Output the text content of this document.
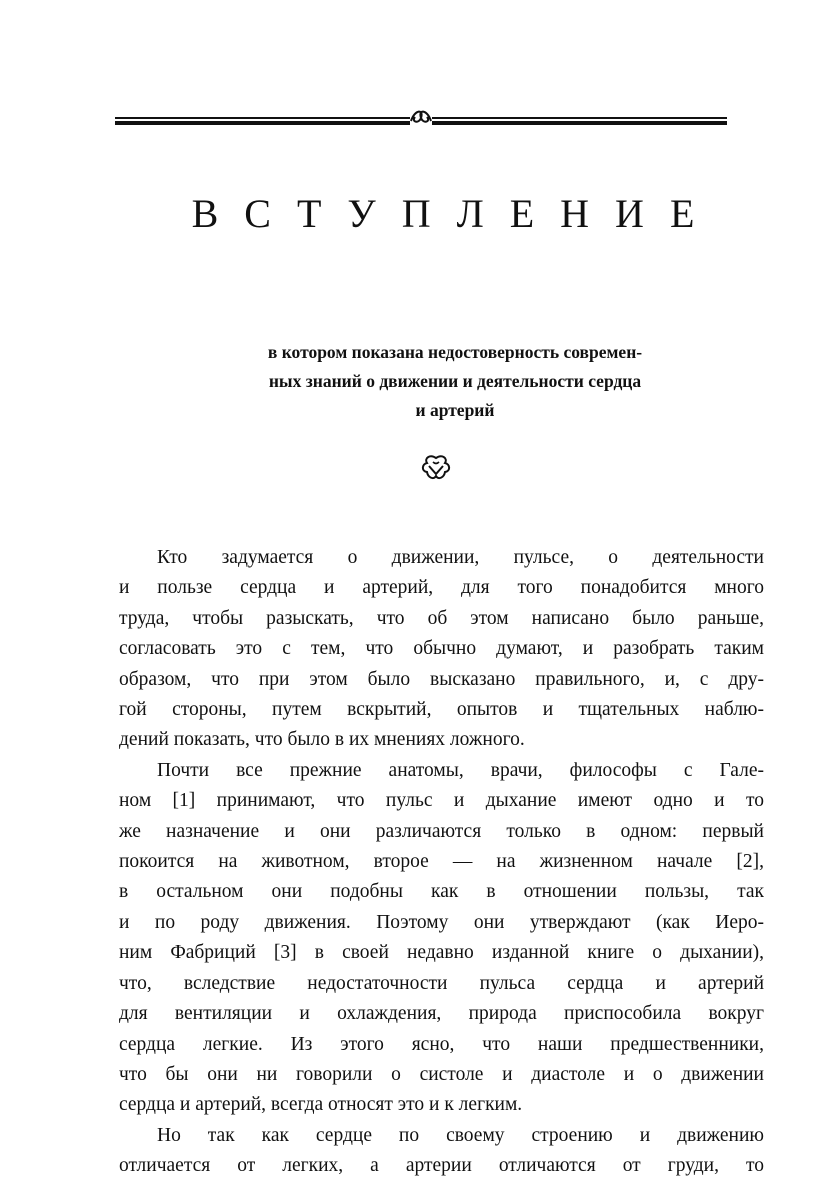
ВСТУПЛЕНИЕ
в котором показана недостоверность современ-
ных знаний о движении и деятельности сердца
и артерий

Кто задумается о движении, пульсе, о деятельности
и пользе сердца и артерий, для того понадобится много
труда, чтобы разыскать, что об этом написано было раньше,
согласовать это с тем, что обычно думают, и разобрать таким
образом, что при этом было высказано правильного, и, с дру-
гой стороны, путем вскрытий, опытов и тщательных наблю-
дений показать, что было в их мнениях ложного.

Почти все прежние анатомы, врачи, философы с Гале-
ном [1] принимают, что пульс и дыхание имеют одно и то
же назначение и они различаются только в одном: первый
покоится на животном, второе — на жизненном начале [2],
в остальном они подобны как в отношении пользы, так
и по роду движения. Поэтому они утверждают (как Иеро-
ним Фабриций [3] в своей недавно изданной книге о дыхании),
что, вследствие недостаточности пульса сердца и артерий
для вентиляции и охлаждения, природа приспособила вокруг
сердца легкие. Из этого ясно, что наши предшественники,
что бы они ни говорили о систоле и диастоле и о движении
сердца и артерий, всегда относят это и к легким.

Но так как сердце по своему строению и движению
отличается от легких, а артерии отличаются от груди, то
